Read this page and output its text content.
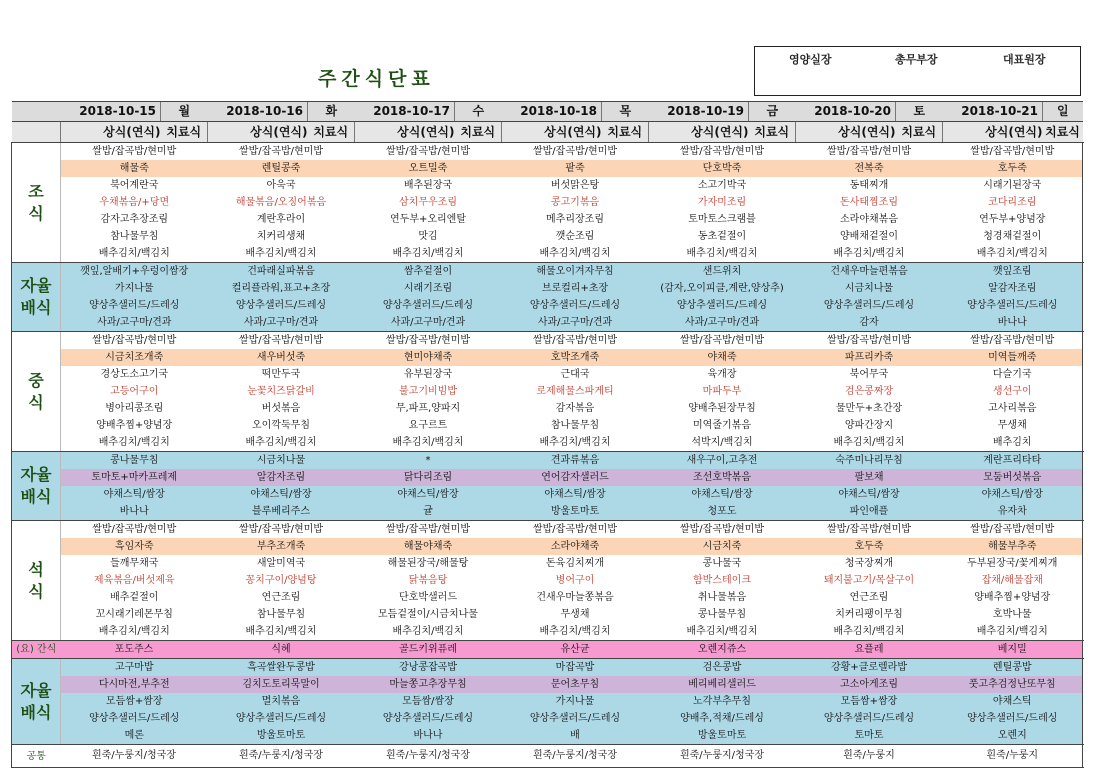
주간식단표
영양실장	총무부장	대표원장
	2018-10-15	월	2018-10-16	화	2018-10-17	수	2018-10-18	목	2018-10-19	금	2018-10-20	토	2018-10-21	일
	상식(연식)	치료식	상식(연식)	치료식	상식(연식)	치료식	상식(연식)	치료식	상식(연식)	치료식	상식(연식)	치료식	상식(연식)	치료식

조
식	쌀밥/잡곡밥/현미밥		쌀밥/잡곡밥/현미밥		쌀밥/잡곡밥/현미밥		쌀밥/잡곡밥/현미밥		쌀밥/잡곡밥/현미밥		쌀밥/잡곡밥/현미밥		쌀밥/잡곡밥/현미밥	
	해물죽		렌틸콩죽		오트밀죽		팥죽		단호박죽		전복죽		호두죽	
	북어계란국		아욱국		배추된장국		버섯맑은탕		소고기박국		동태찌개		시래기된장국	
	우채볶음/+당면		해물볶음/오징어볶음		삼치무우조림		콩고기볶음		가자미조림		돈사태찜조림		코다리조림	
	감자고추장조림		계란후라이		연두부+오리엔탈		메추리장조림		토마토스크램블		소라야채볶음		연두부+양념장	
	참나물무침		치커리생채		맛김		깻순조림		동초겉절이		양배채겉절이		청경채겉절이	
	배추김치/백김치		배추김치/백김치		배추김치/백김치		배추김치/백김치		배추김치/백김치		배추김치/백김치		배추김치/백김치	

자율
배식	깻잎,알배기+우렁이쌈장		건파래실파볶음		쌈추겉절이		해물오이겨자무침		샌드위치		건새우마늘편볶음		깻잎조림	
	가지나물		컬리플라워,표고+초장		시래기조림		브로컬리+초장		(감자,오이피클,계란,양상추)		시금치나물		알감자조림	
	양상추샐러드/드레싱		양상추샐러드/드레싱		양상추샐러드/드레싱		양상추샐러드/드레싱		양상추샐러드/드레싱		양상추샐러드/드레싱		양상추샐러드/드레싱	
	사과/고구마/견과		사과/고구마/견과		사과/고구마/견과		사과/고구마/견과		사과/고구마/견과		감자		바나나	

중
식	쌀밥/잡곡밥/현미밥		쌀밥/잡곡밥/현미밥		쌀밥/잡곡밥/현미밥		쌀밥/잡곡밥/현미밥		쌀밥/잡곡밥/현미밥		쌀밥/잡곡밥/현미밥		쌀밥/잡곡밥/현미밥	
	시금치조개죽		새우버섯죽		현미야채죽		호박조개죽		야채죽		파프리카죽		미역들깨죽	
	경상도소고기국		떡만두국		유부된장국		근대국		육개장		북어무국		다슬기국	
	고등어구이		눈꽃치즈닭갈비		불고기비빔밥		로제해물스파게티		마파두부		검은콩짜장		생선구이	
	병아리콩조림		버섯볶음		무,파프,양파지		감자볶음		양배추된장무침		물만두+초간장		고사리볶음	
	양배추찜+양념장		오이깍둑무침		요구르트		참나물무침		미역줄기볶음		양파간장지		무생채	
	배추김치/백김치		배추김치/백김치		배추김치/백김치		배추김치/백김치		석박지/백김치		배추김치/백김치		배추김치	

자율
배식	콩나물무침		시금치나물		*		견과류볶음		새우구이,고추전		숙주미나리무침		계란프리타타	
	토마토+마카프레제		알감자조림		닭다리조림		연어감자샐러드		조선호박볶음		팔보채		모둠버섯볶음	
	야채스틱/쌈장		야채스틱/쌈장		야채스틱/쌈장		야채스틱/쌈장		야채스틱/쌈장		야채스틱/쌈장		야채스틱/쌈장	
	바나나		블루베리주스		귤		방울토마토		청포도		파인애플		유자차	

석
식	쌀밥/잡곡밥/현미밥		쌀밥/잡곡밥/현미밥		쌀밥/잡곡밥/현미밥		쌀밥/잡곡밥/현미밥		쌀밥/잡곡밥/현미밥		쌀밥/잡곡밥/현미밥		쌀밥/잡곡밥/현미밥	
	흑임자죽		부추조개죽		해물야채죽		소라야채죽		시금치죽		호두죽		해물부추죽	
	들깨무채국		새알미역국		해물된장국/해물탕		돈육김치찌개		콩나물국		청국장찌개		두부된장국/꽃게찌개	
	제육볶음/버섯제육		꽁치구이/양념탕		닭볶음탕		병어구이		함박스테이크		돼지불고기/목살구이		잡채/해물잡채	
	배추겉절이		연근조림		단호박샐러드		건새우마늘쫑볶음		취나물볶음		연근조림		양배추찜+양념장	
	꼬시래기레몬무침		참나물무침		모듬겉절이/시금치나물		무생채		콩나물무침		치커리팽이무침		호박나물	
	배추김치/백김치		배추김치/백김치		배추김치/백김치		배추김치/백김치		배추김치/백김치		배추김치/백김치		배추김치/백김치	

(요) 간식	포도주스		식혜		골드키위퓨레		유산균		오렌지쥬스		요플레		베지밀	

자율
배식	고구마밥		흑곡쌀완두콩밥		강낭콩잡곡밥		마잡곡밥		검은콩밥		강황+클로렐라밥		렌틸콩밥	
	다시마전,부추전		김치도토리묵말이		마늘쫑고추장무침		문어초무침		베리베리샐러드		고소아게조림		풋고추검정난또무침	
	모듬쌈+쌈장		멸치볶음		모듬쌈/쌈장		가지나물		노각부추무침		모듬쌈+쌈장		야채스틱	
	양상추샐러드/드레싱		양상추샐러드/드레싱		양상추샐러드/드레싱		양상추샐러드/드레싱		양배추,적채/드레싱		양상추샐러드/드레싱		양상추샐러드/드레싱	
	메론		방울토마토		바나나		배		방울토마토		토마토		오렌지	
공통	흰죽/누룽지/청국장		흰죽/누룽지/청국장		흰죽/누룽지/청국장		흰죽/누룽지/청국장		흰죽/누룽지/청국장		흰죽/누룽지		흰죽/누룽지	
